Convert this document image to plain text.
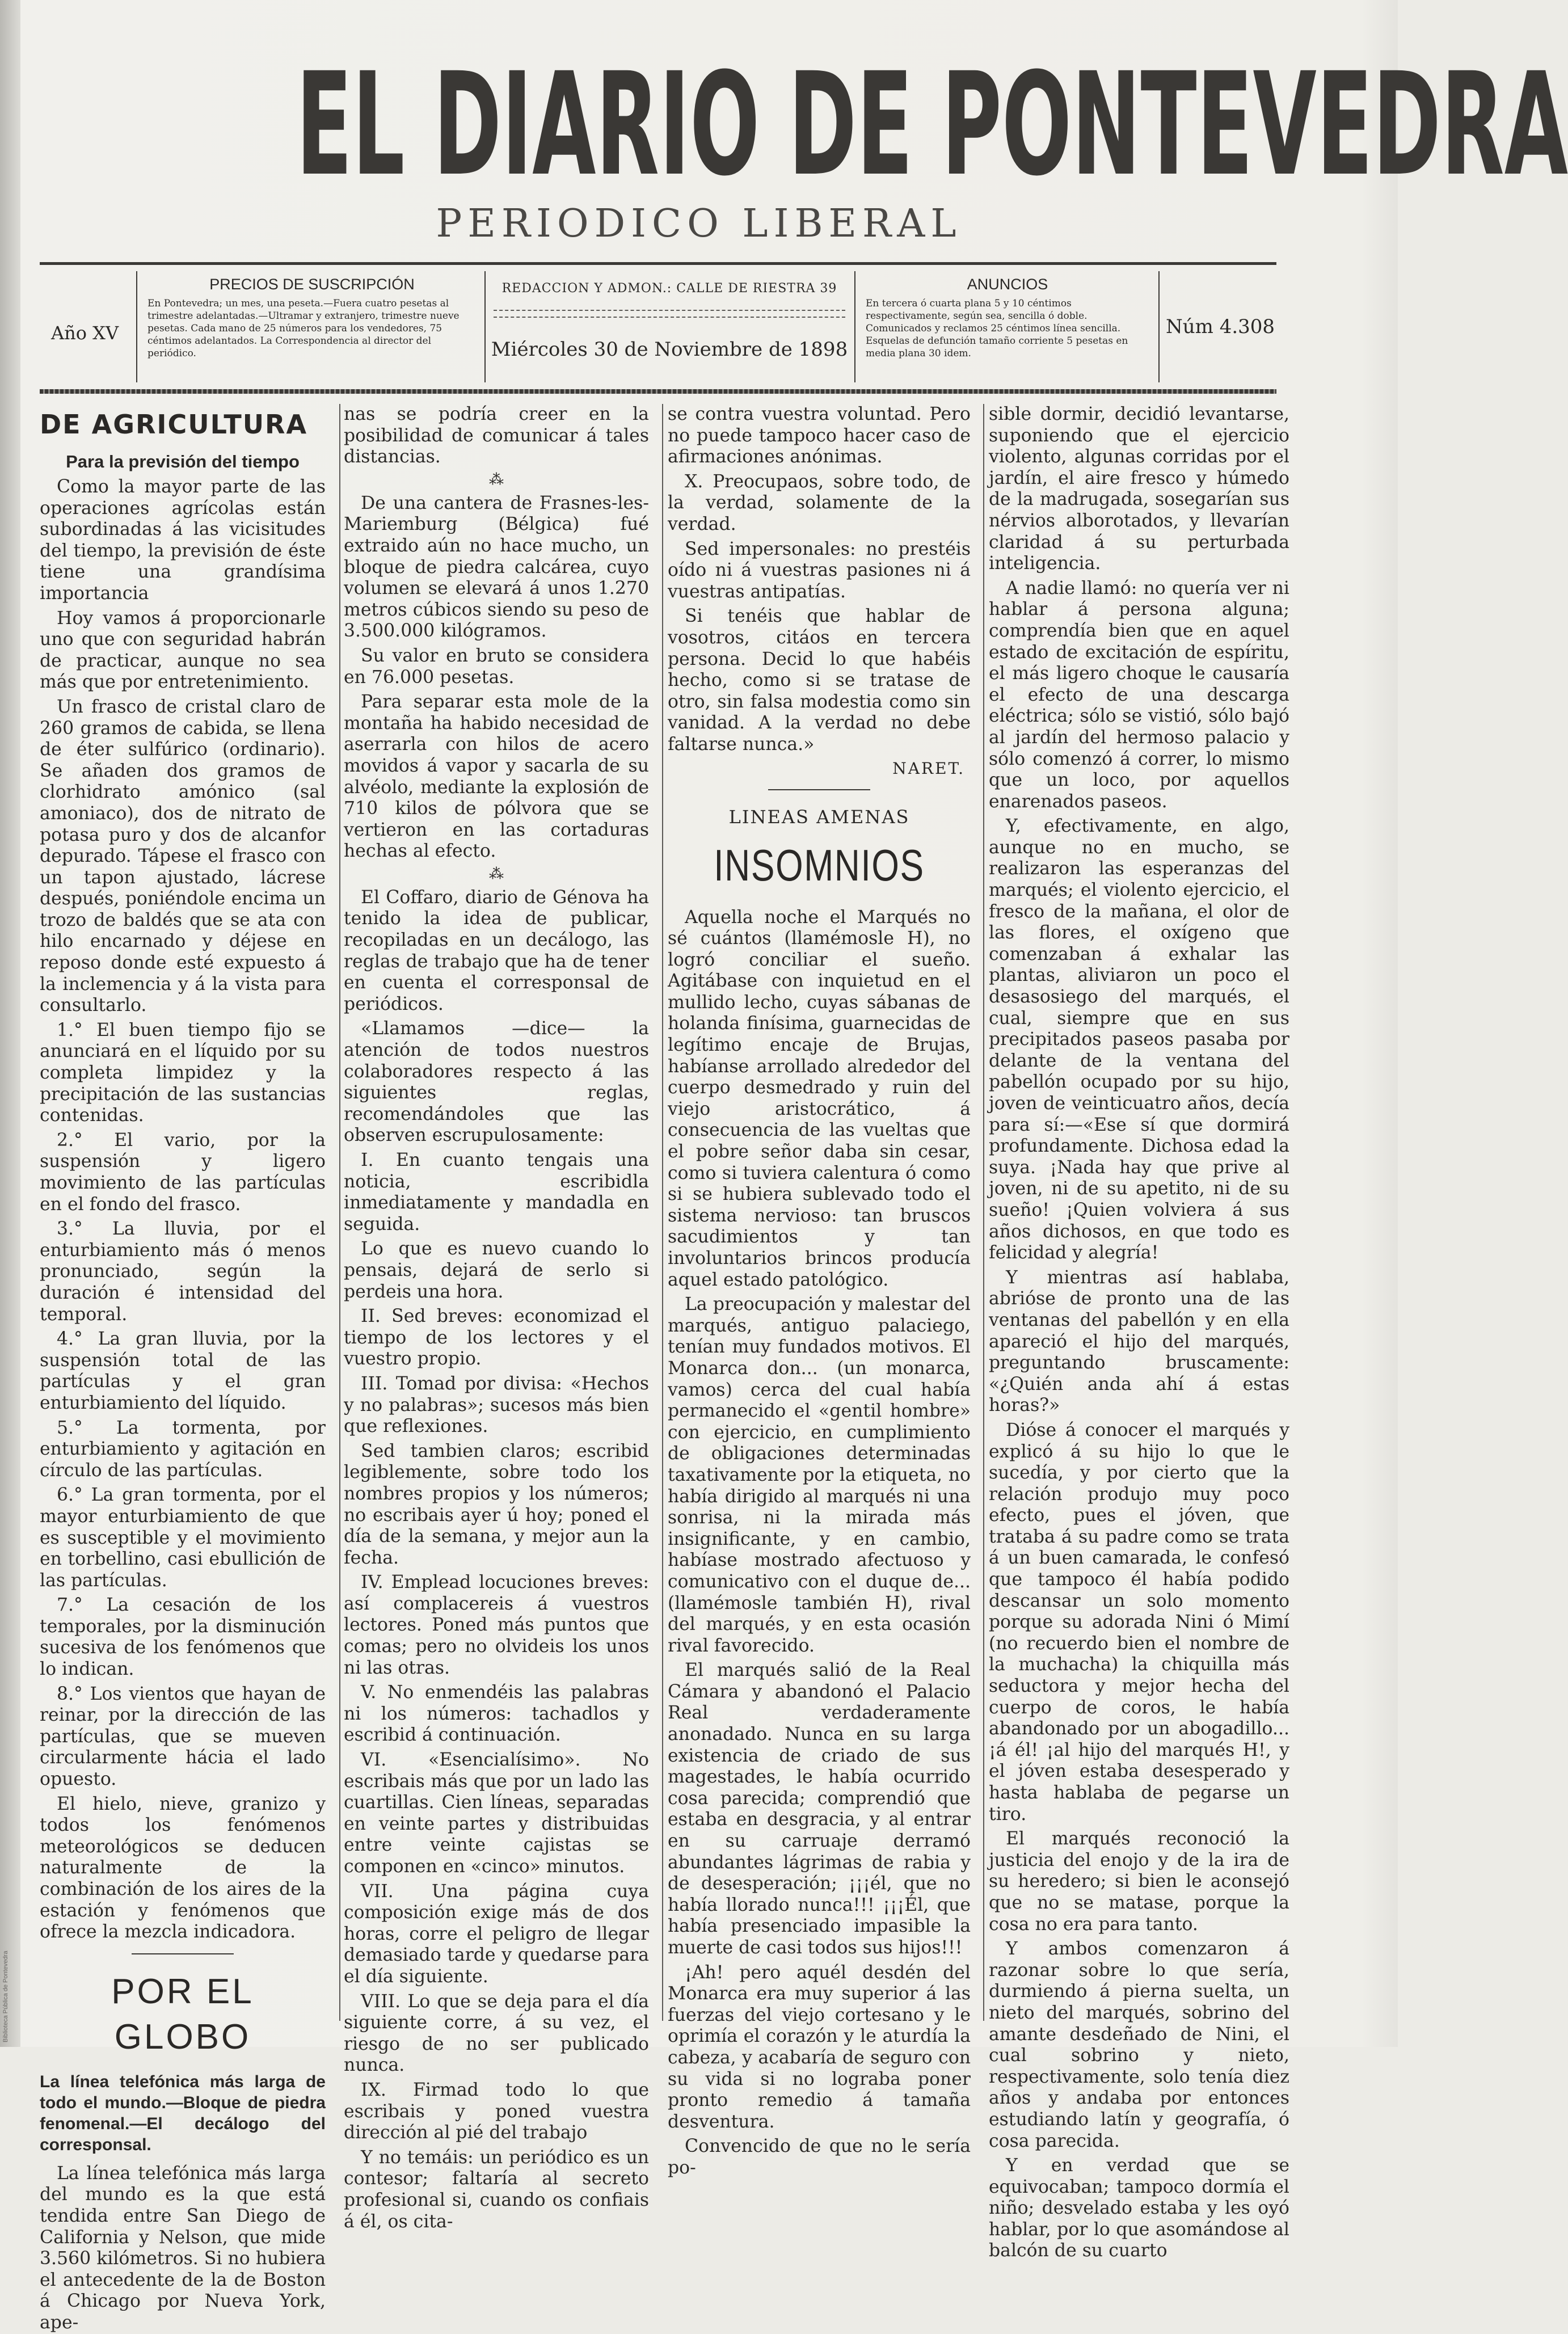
EL DIARIO DE PONTEVEDRA
PERIODICO LIBERAL
Año XV
PRECIOS DE SUSCRIPCIÓN
En Pontevedra; un mes, una peseta.—Fuera cuatro pesetas al trimestre adelantadas.—Ultramar y extranjero, trimestre nueve pesetas. Cada mano de 25 números para los vendedores, 75 céntimos adelantados. La Correspondencia al director del periódico.
REDACCION Y ADMON.: CALLE DE RIESTRA 39
Miércoles 30 de Noviembre de 1898
ANUNCIOS
En tercera ó cuarta plana 5 y 10 céntimos respectivamente, según sea, sencilla ó doble. Comunicados y reclamos 25 céntimos línea sencilla. Esquelas de defunción tamaño corriente 5 pesetas en media plana 30 idem.
Núm 4.308
DE AGRICULTURA
Para la previsión del tiempo

Como la mayor parte de las operaciones agrícolas están subordinadas á las vicisitudes del tiempo, la previsión de éste tiene una grandísima importancia

Hoy vamos á proporcionarle uno que con seguridad habrán de practicar, aunque no sea más que por entretenimiento.

Un frasco de cristal claro de 260 gramos de cabida, se llena de éter sulfúrico (ordinario). Se añaden dos gramos de clorhidrato amónico (sal amoniaco), dos de nitrato de potasa puro y dos de alcanfor depurado. Tápese el frasco con un tapon ajustado, lácrese después, poniéndole encima un trozo de baldés que se ata con hilo encarnado y déjese en reposo donde esté expuesto á la inclemencia y á la vista para consultarlo.

1.° El buen tiempo fijo se anunciará en el líquido por su completa limpidez y la precipitación de las sustancias contenidas.

2.° El vario, por la suspensión y ligero movimiento de las partículas en el fondo del frasco.

3.° La lluvia, por el enturbiamiento más ó menos pronunciado, según la duración é intensidad del temporal.

4.° La gran lluvia, por la suspensión total de las partículas y el gran enturbiamiento del líquido.

5.° La tormenta, por enturbiamiento y agitación en círculo de las partículas.

6.° La gran tormenta, por el mayor enturbiamiento de que es susceptible y el movimiento en torbellino, casi ebullición de las partículas.

7.° La cesación de los temporales, por la disminución sucesiva de los fenómenos que lo indican.

8.° Los vientos que hayan de reinar, por la dirección de las partículas, que se mueven circularmente hácia el lado opuesto.

El hielo, nieve, granizo y todos los fenómenos meteorológicos se deducen naturalmente de la combinación de los aires de la estación y fenómenos que ofrece la mezcla indicadora.

POR EL GLOBO
La línea telefónica más larga de todo el mundo.—Bloque de piedra fenomenal.—El decálogo del corresponsal.

La línea telefónica más larga del mundo es la que está tendida entre San Diego de California y Nelson, que mide 3.560 kilómetros. Si no hubiera el antecedente de la de Boston á Chicago por Nueva York, ape-

nas se podría creer en la posibilidad de comunicar á tales distancias.

⁂

De una cantera de Frasnes-les-Mariemburg (Bélgica) fué extraido aún no hace mucho, un bloque de piedra calcárea, cuyo volumen se elevará á unos 1.270 metros cúbicos siendo su peso de 3.500.000 kilógramos.

Su valor en bruto se considera en 76.000 pesetas.

Para separar esta mole de la montaña ha habido necesidad de aserrarla con hilos de acero movidos á vapor y sacarla de su alvéolo, mediante la explosión de 710 kilos de pólvora que se vertieron en las cortaduras hechas al efecto.

⁂

El Coffaro, diario de Génova ha tenido la idea de publicar, recopiladas en un decálogo, las reglas de trabajo que ha de tener en cuenta el corresponsal de periódicos.

«Llamamos —dice— la atención de todos nuestros colaboradores respecto á las siguientes reglas, recomendándoles que las observen escrupulosamente:

I. En cuanto tengais una noticia, escribidla inmediatamente y mandadla en seguida.

Lo que es nuevo cuando lo pensais, dejará de serlo si perdeis una hora.

II. Sed breves: economizad el tiempo de los lectores y el vuestro propio.

III. Tomad por divisa: «Hechos y no palabras»; sucesos más bien que reflexiones.

Sed tambien claros; escribid legiblemente, sobre todo los nombres propios y los números; no escribais ayer ú hoy; poned el día de la semana, y mejor aun la fecha.

IV. Emplead locuciones breves: así complacereis á vuestros lectores. Poned más puntos que comas; pero no olvideis los unos ni las otras.

V. No enmendéis las palabras ni los números: tachadlos y escribid á continuación.

VI. «Esencialísimo». No escribais más que por un lado las cuartillas. Cien líneas, separadas en veinte partes y distribuidas entre veinte cajistas se componen en «cinco» minutos.

VII. Una página cuya composición exige más de dos horas, corre el peligro de llegar demasiado tarde y quedarse para el día siguiente.

VIII. Lo que se deja para el día siguiente corre, á su vez, el riesgo de no ser publicado nunca.

IX. Firmad todo lo que escribais y poned vuestra dirección al pié del trabajo

Y no temáis: un periódico es un contesor; faltaría al secreto profesional si, cuando os confiais á él, os cita-

se contra vuestra voluntad. Pero no puede tampoco hacer caso de afirmaciones anónimas.

X. Preocupaos, sobre todo, de la verdad, solamente de la verdad.

Sed impersonales: no prestéis oído ni á vuestras pasiones ni á vuestras antipatías.

Si tenéis que hablar de vosotros, citáos en tercera persona. Decid lo que habéis hecho, como si se tratase de otro, sin falsa modestia como sin vanidad. A la verdad no debe faltarse nunca.»

NARET.
LINEAS AMENAS
INSOMNIOS

Aquella noche el Marqués no sé cuántos (llamémosle H), no logró conciliar el sueño. Agitábase con inquietud en el mullido lecho, cuyas sábanas de holanda finísima, guarnecidas de legítimo encaje de Brujas, habíanse arrollado alrededor del cuerpo desmedrado y ruin del viejo aristocrático, á consecuencia de las vueltas que el pobre señor daba sin cesar, como si tuviera calentura ó como si se hubiera sublevado todo el sistema nervioso: tan bruscos sacudimientos y tan involuntarios brincos producía aquel estado patológico.

La preocupación y malestar del marqués, antiguo palaciego, tenían muy fundados motivos. El Monarca don... (un monarca, vamos) cerca del cual había permanecido el «gentil hombre» con ejercicio, en cumplimiento de obligaciones determinadas taxativamente por la etiqueta, no había dirigido al marqués ni una sonrisa, ni la mirada más insignificante, y en cambio, habíase mostrado afectuoso y comunicativo con el duque de... (llamémosle también H), rival del marqués, y en esta ocasión rival favorecido.

El marqués salió de la Real Cámara y abandonó el Palacio Real verdaderamente anonadado. Nunca en su larga existencia de criado de sus magestades, le había ocurrido cosa parecida; comprendió que estaba en desgracia, y al entrar en su carruaje derramó abundantes lágrimas de rabia y de desesperación; ¡¡¡él, que no había llorado nunca!!! ¡¡¡Él, que había presenciado impasible la muerte de casi todos sus hijos!!!

¡Ah! pero aquél desdén del Monarca era muy superior á las fuerzas del viejo cortesano y le oprimía el corazón y le aturdía la cabeza, y acabaría de seguro con su vida si no lograba poner pronto remedio á tamaña desventura.

Convencido de que no le sería po-

sible dormir, decidió levantarse, suponiendo que el ejercicio violento, algunas corridas por el jardín, el aire fresco y húmedo de la madrugada, sosegarían sus nérvios alborotados, y llevarían claridad á su perturbada inteligencia.

A nadie llamó: no quería ver ni hablar á persona alguna; comprendía bien que en aquel estado de excitación de espíritu, el más ligero choque le causaría el efecto de una descarga eléctrica; sólo se vistió, sólo bajó al jardín del hermoso palacio y sólo comenzó á correr, lo mismo que un loco, por aquellos enarenados paseos.

Y, efectivamente, en algo, aunque no en mucho, se realizaron las esperanzas del marqués; el violento ejercicio, el fresco de la mañana, el olor de las flores, el oxígeno que comenzaban á exhalar las plantas, aliviaron un poco el desasosiego del marqués, el cual, siempre que en sus precipitados paseos pasaba por delante de la ventana del pabellón ocupado por su hijo, joven de veinticuatro años, decía para sí:—«Ese sí que dormirá profundamente. Dichosa edad la suya. ¡Nada hay que prive al joven, ni de su apetito, ni de su sueño! ¡Quien volviera á sus años dichosos, en que todo es felicidad y alegría!

Y mientras así hablaba, abrióse de pronto una de las ventanas del pabellón y en ella apareció el hijo del marqués, preguntando bruscamente: «¿Quién anda ahí á estas horas?»

Dióse á conocer el marqués y explicó á su hijo lo que le sucedía, y por cierto que la relación produjo muy poco efecto, pues el jóven, que trataba á su padre como se trata á un buen camarada, le confesó que tampoco él había podido descansar un solo momento porque su adorada Nini ó Mimí (no recuerdo bien el nombre de la muchacha) la chiquilla más seductora y mejor hecha del cuerpo de coros, le había abandonado por un abogadillo... ¡á él! ¡al hijo del marqués H!, y el jóven estaba desesperado y hasta hablaba de pegarse un tiro.

El marqués reconoció la justicia del enojo y de la ira de su heredero; si bien le aconsejó que no se matase, porque la cosa no era para tanto.

Y ambos comenzaron á razonar sobre lo que sería, durmiendo á pierna suelta, un nieto del marqués, sobrino del amante desdeñado de Nini, el cual sobrino y nieto, respectivamente, solo tenía diez años y andaba por entonces estudiando latín y geografía, ó cosa parecida.

Y en verdad que se equivocaban; tampoco dormía el niño; desvelado estaba y les oyó hablar, por lo que asomándose al balcón de su cuarto

Biblioteca Pública de Pontevedra
